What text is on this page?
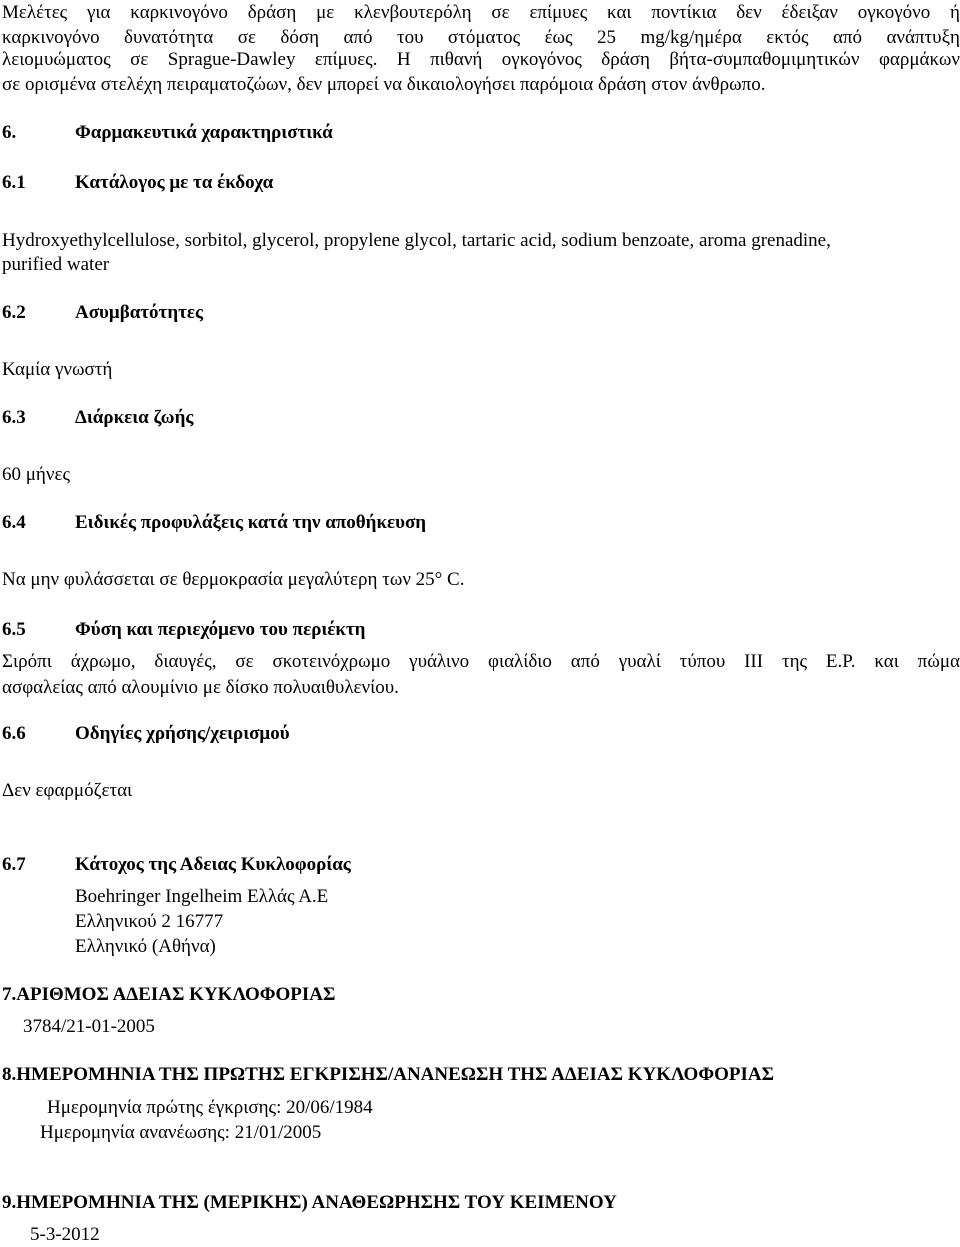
Μελέτες για καρκινογόνο δράση με κλενβουτερόλη σε επίμυες και ποντίκια δεν έδειξαν ογκογόνο ή
καρκινογόνο δυνατότητα σε δόση από του στόματος έως 25 mg/kg/ημέρα εκτός από ανάπτυξη
λειομυώματος σε Sprague-Dawley επίμυες. Η πιθανή ογκογόνος δράση βήτα-συμπαθομιμητικών φαρμάκων
σε ορισμένα στελέχη πειραματοζώων, δεν μπορεί να δικαιολογήσει παρόμοια δράση στον άνθρωπο.
6.	Φαρμακευτικά χαρακτηριστικά
6.1	Κατάλογος με τα έκδοχα
Hydroxyethylcellulose, sorbitol, glycerol, propylene glycol, tartaric acid, sodium benzoate, aroma grenadine,
purified water
6.2	Ασυμβατότητες
Καμία γνωστή
6.3	Διάρκεια ζωής
60 μήνες
6.4	Ειδικές προφυλάξεις κατά την αποθήκευση
Να μην φυλάσσεται σε θερμοκρασία μεγαλύτερη των 25° C.
6.5	Φύση και περιεχόμενο του περιέκτη
Σιρόπι άχρωμο, διαυγές, σε σκοτεινόχρωμο γυάλινο φιαλίδιο από γυαλί τύπου III της Ε.Ρ. και πώμα
ασφαλείας από αλουμίνιο με δίσκο πολυαιθυλενίου.
6.6	Οδηγίες χρήσης/χειρισμού
Δεν εφαρμόζεται
6.7	Κάτοχος της Αδειας Κυκλοφορίας
Boehringer Ingelheim Ελλάς Α.Ε
Ελληνικού 2 16777
Ελληνικό (Αθήνα)
7.ΑΡΙΘΜΟΣ ΑΔΕΙΑΣ ΚΥΚΛΟΦΟΡΙΑΣ
3784/21-01-2005
8.ΗΜΕΡΟΜΗΝΙΑ ΤΗΣ ΠΡΩΤΗΣ ΕΓΚΡΙΣΗΣ/ΑΝΑΝΕΩΣΗ ΤΗΣ ΑΔΕΙΑΣ ΚΥΚΛΟΦΟΡΙΑΣ
Ημερομηνία πρώτης έγκρισης: 20/06/1984
Ημερομηνία ανανέωσης: 21/01/2005
9.ΗΜΕΡΟΜΗΝΙΑ ΤΗΣ (ΜΕΡΙΚΗΣ) ΑΝΑΘΕΩΡΗΣΗΣ ΤΟΥ ΚΕΙΜΕΝΟΥ
5-3-2012
